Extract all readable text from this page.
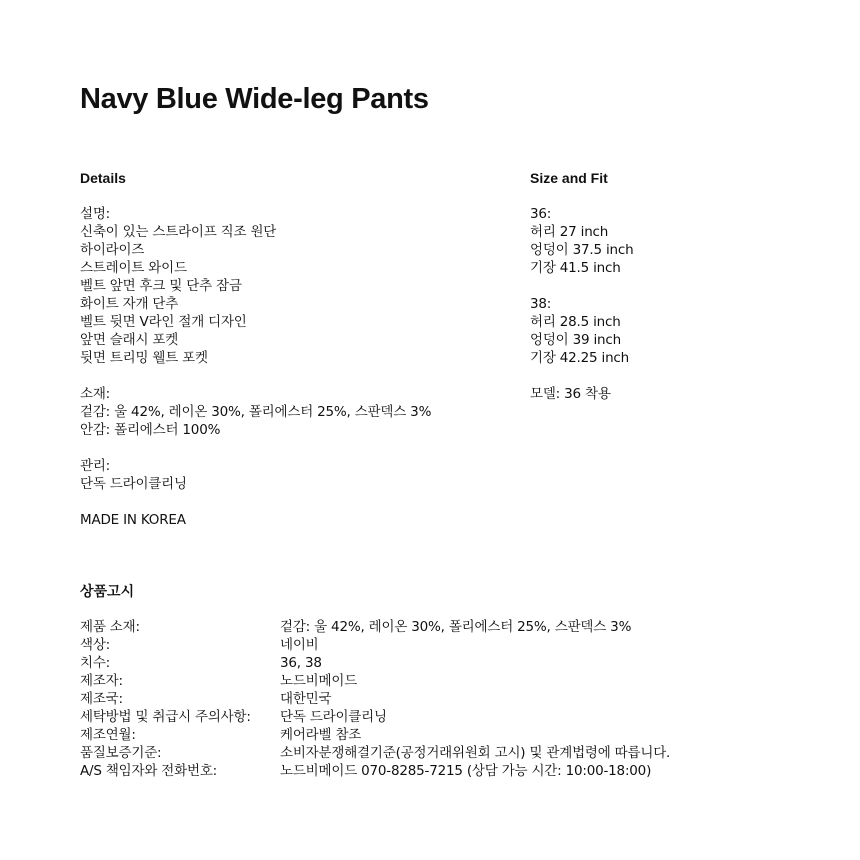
Navy Blue Wide-leg Pants
Details
설명:
신축이 있는 스트라이프 직조 원단
하이라이즈
스트레이트 와이드
벨트 앞면 후크 및 단추 잠금
화이트 자개 단추
벨트 뒷면 V라인 절개 디자인
앞면 슬래시 포켓
뒷면 트리밍 웰트 포켓
소재:
겉감: 울 42%, 레이온 30%, 폴리에스터 25%, 스판덱스 3%
안감: 폴리에스터 100%
관리:
단독 드라이클리닝
MADE IN KOREA
Size and Fit
36:
허리 27 inch
엉덩이 37.5 inch
기장 41.5 inch
38:
허리 28.5 inch
엉덩이 39 inch
기장 42.25 inch
모델: 36 착용
상품고시
제품 소재:	겉감: 울 42%, 레이온 30%, 폴리에스터 25%, 스판덱스 3%
색상:	네이비
치수:	36, 38
제조자:	노드비메이드
제조국:	대한민국
세탁방법 및 취급시 주의사항:	단독 드라이클리닝
제조연월:	케어라벨 참조
품질보증기준:	소비자분쟁해결기준(공정거래위원회 고시) 및 관계법령에 따릅니다.
A/S 책임자와 전화번호:	노드비메이드 070-8285-7215 (상담 가능 시간: 10:00-18:00)
